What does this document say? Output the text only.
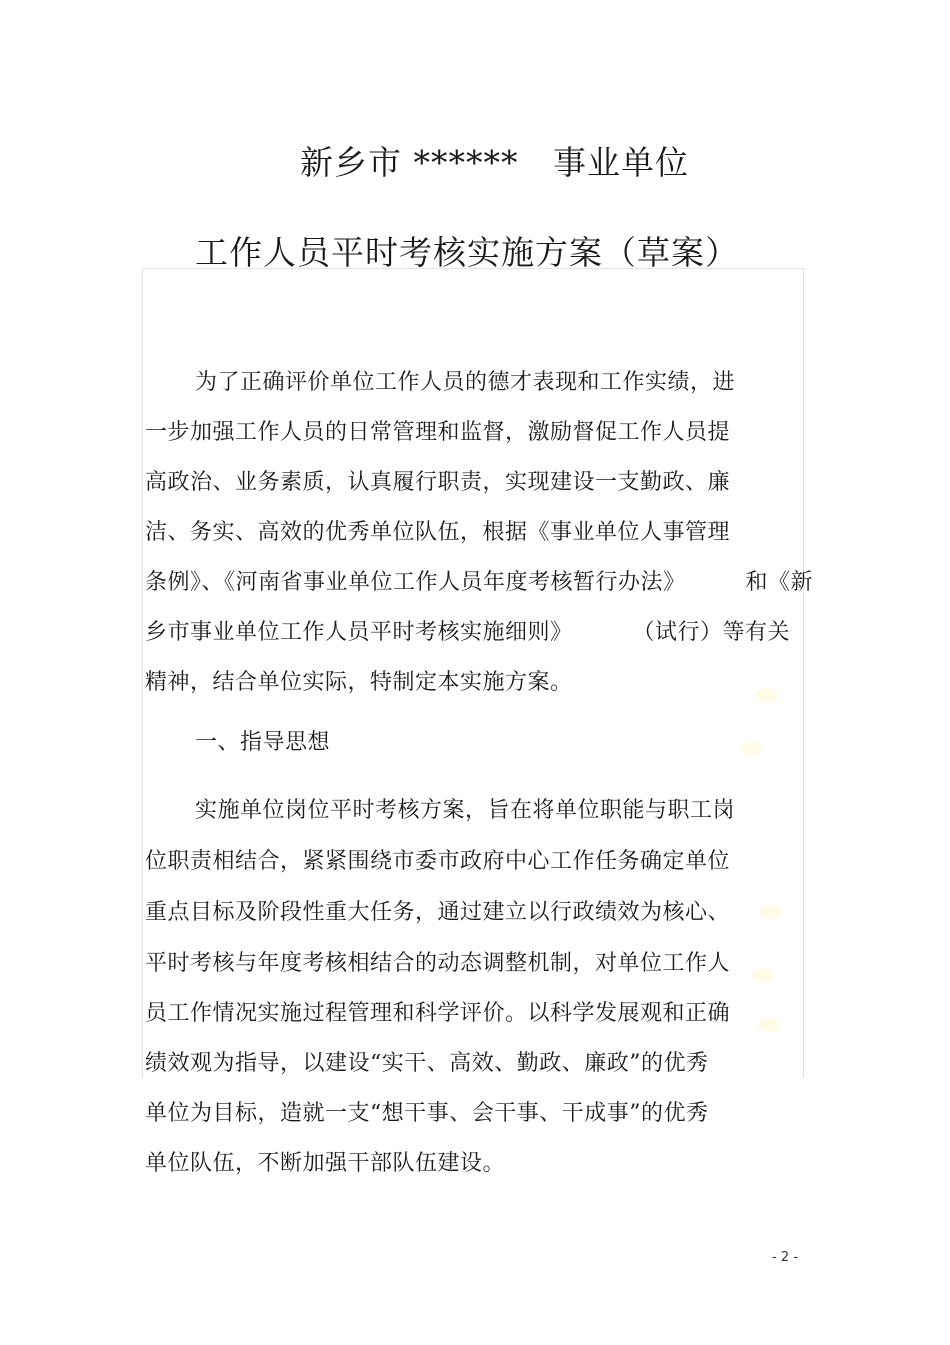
新乡市 ******   事业单位
工作人员平时考核实施方案（草案）
为了正确评价单位工作人员的德才表现和工作实绩，进
一步加强工作人员的日常管理和监督，激励督促工作人员提
高政治、业务素质，认真履行职责，实现建设一支勤政、廉
洁、务实、高效的优秀单位队伍，根据《事业单位人事管理
条例》、《河南省事业单位工作人员年度考核暂行办法》        和《新
乡市事业单位工作人员平时考核实施细则》        （试行）等有关
精神，结合单位实际，特制定本实施方案。
一、指导思想
实施单位岗位平时考核方案，旨在将单位职能与职工岗
位职责相结合，紧紧围绕市委市政府中心工作任务确定单位
重点目标及阶段性重大任务，通过建立以行政绩效为核心、
平时考核与年度考核相结合的动态调整机制，对单位工作人
员工作情况实施过程管理和科学评价。以科学发展观和正确
绩效观为指导，以建设“实干、高效、勤政、廉政”的优秀
单位为目标，造就一支“想干事、会干事、干成事”的优秀
单位队伍，不断加强干部队伍建设。
- 2 -
